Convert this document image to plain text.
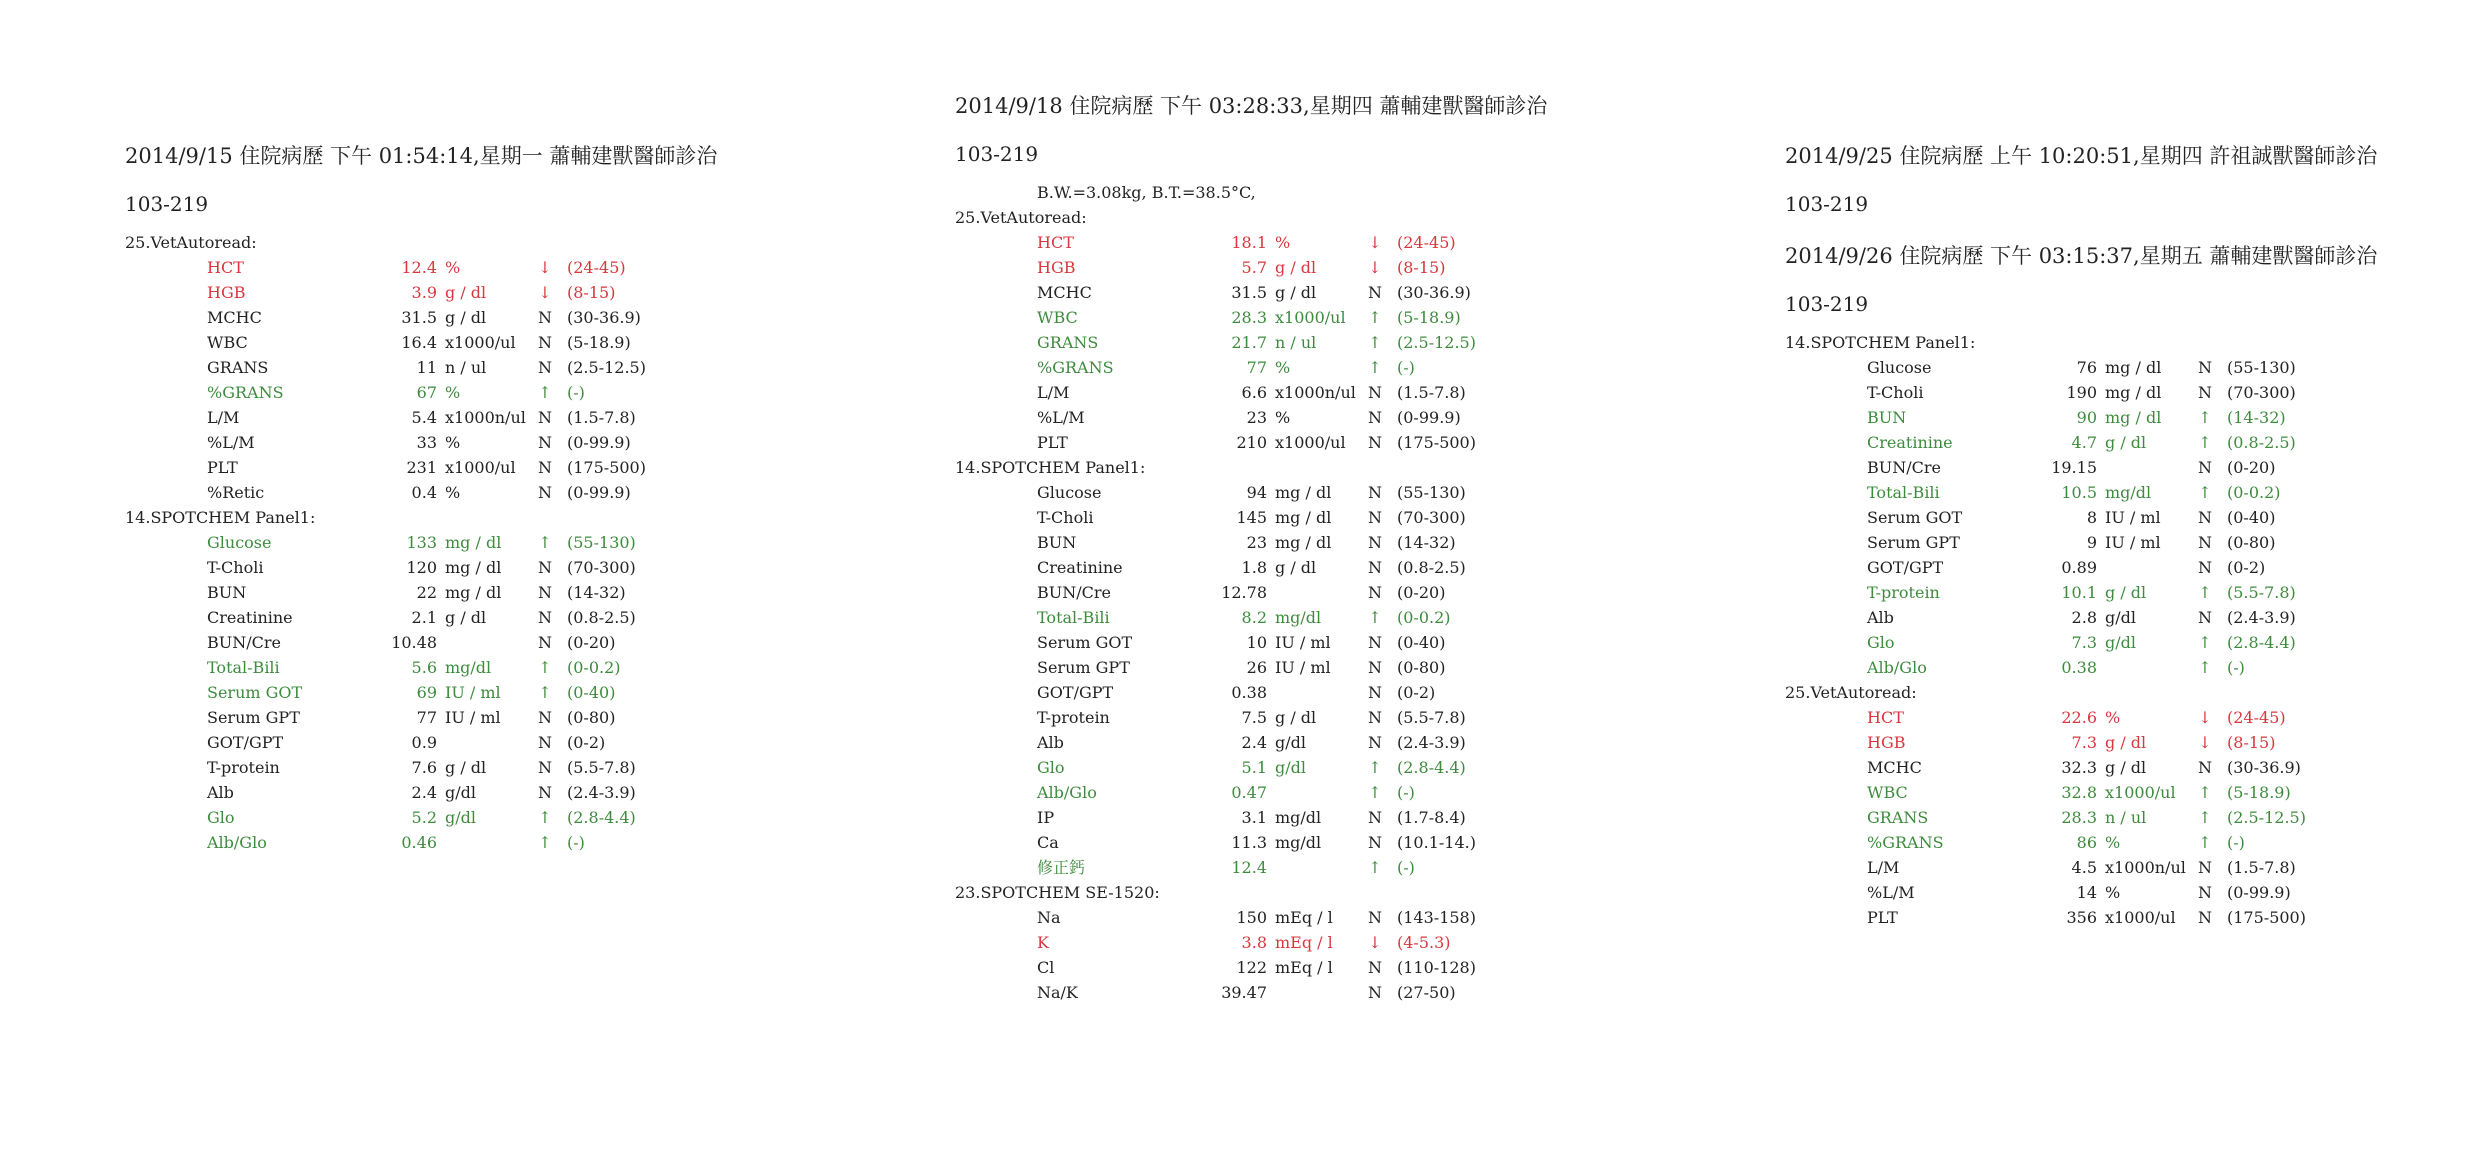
2014/9/15 住院病歷 下午 01:54:14,星期一 蕭輔建獸醫師診治
103-219
25.VetAutoread:
HCT	12.4 %	↓ (24-45)
HGB	3.9 g / dl	↓ (8-15)
MCHC	31.5 g / dl	N (30-36.9)
WBC	16.4 x1000/ul N (5-18.9)
GRANS	11 n / ul	N (2.5-12.5)
%GRANS	67 %	↑ (-)
L/M	5.4 x1000n/ul N (1.5-7.8)
%L/M	33 %	N (0-99.9)
PLT	231 x1000/ul N (175-500)
%Retic	0.4 %	N (0-99.9)
14.SPOTCHEM Panel1:
Glucose	133 mg / dl ↑ (55-130)
T-Choli	120 mg / dl N (70-300)
BUN	22 mg / dl N (14-32)
Creatinine	2.1 g / dl	N (0.8-2.5)
BUN/Cre	10.48	N (0-20)
Total-Bili	5.6 mg/dl	↑ (0-0.2)
Serum GOT	69 IU / ml ↑ (0-40)
Serum GPT	77 IU / ml N (0-80)
GOT/GPT	0.9	N (0-2)
T-protein	7.6 g / dl	N (5.5-7.8)
Alb	2.4 g/dl	N (2.4-3.9)
Glo	5.2 g/dl	↑ (2.8-4.4)
Alb/Glo	0.46	↑ (-)
2014/9/18 住院病歷 下午 03:28:33,星期四 蕭輔建獸醫師診治
103-219
B.W.=3.08kg, B.T.=38.5°C,
25.VetAutoread:
HCT	18.1 %	↓ (24-45)
HGB	5.7 g / dl	↓ (8-15)
MCHC	31.5 g / dl	N (30-36.9)
WBC	28.3 x1000/ul ↑ (5-18.9)
GRANS	21.7 n / ul	↑ (2.5-12.5)
%GRANS	77 %	↑ (-)
L/M	6.6 x1000n/ul N (1.5-7.8)
%L/M	23 %	N (0-99.9)
PLT	210 x1000/ul N (175-500)
14.SPOTCHEM Panel1:
Glucose	94 mg / dl N (55-130)
T-Choli	145 mg / dl N (70-300)
BUN	23 mg / dl N (14-32)
Creatinine	1.8 g / dl	N (0.8-2.5)
BUN/Cre	12.78	N (0-20)
Total-Bili	8.2 mg/dl	↑ (0-0.2)
Serum GOT	10 IU / ml N (0-40)
Serum GPT	26 IU / ml N (0-80)
GOT/GPT	0.38	N (0-2)
T-protein	7.5 g / dl	N (5.5-7.8)
Alb	2.4 g/dl	N (2.4-3.9)
Glo	5.1 g/dl	↑ (2.8-4.4)
Alb/Glo	0.47	↑ (-)
IP	3.1 mg/dl	N (1.7-8.4)
Ca	11.3 mg/dl	N (10.1-14.)
修正鈣	12.4	↑ (-)
23.SPOTCHEM SE-1520:
Na	150 mEq / l N (143-158)
K	3.8 mEq / l ↓ (4-5.3)
Cl	122 mEq / l N (110-128)
Na/K	39.47	N (27-50)
2014/9/25 住院病歷 上午 10:20:51,星期四 許祖誠獸醫師診治
103-219
2014/9/26 住院病歷 下午 03:15:37,星期五 蕭輔建獸醫師診治
103-219
14.SPOTCHEM Panel1:
Glucose	76 mg / dl N (55-130)
T-Choli	190 mg / dl N (70-300)
BUN	90 mg / dl ↑ (14-32)
Creatinine	4.7 g / dl	↑ (0.8-2.5)
BUN/Cre	19.15	N (0-20)
Total-Bili	10.5 mg/dl	↑ (0-0.2)
Serum GOT	8 IU / ml N (0-40)
Serum GPT	9 IU / ml N (0-80)
GOT/GPT	0.89	N (0-2)
T-protein	10.1 g / dl	↑ (5.5-7.8)
Alb	2.8 g/dl	N (2.4-3.9)
Glo	7.3 g/dl	↑ (2.8-4.4)
Alb/Glo	0.38	↑ (-)
25.VetAutoread:
HCT	22.6 %	↓ (24-45)
HGB	7.3 g / dl	↓ (8-15)
MCHC	32.3 g / dl	N (30-36.9)
WBC	32.8 x1000/ul ↑ (5-18.9)
GRANS	28.3 n / ul	↑ (2.5-12.5)
%GRANS	86 %	↑ (-)
L/M	4.5 x1000n/ul N (1.5-7.8)
%L/M	14 %	N (0-99.9)
PLT	356 x1000/ul N (175-500)
